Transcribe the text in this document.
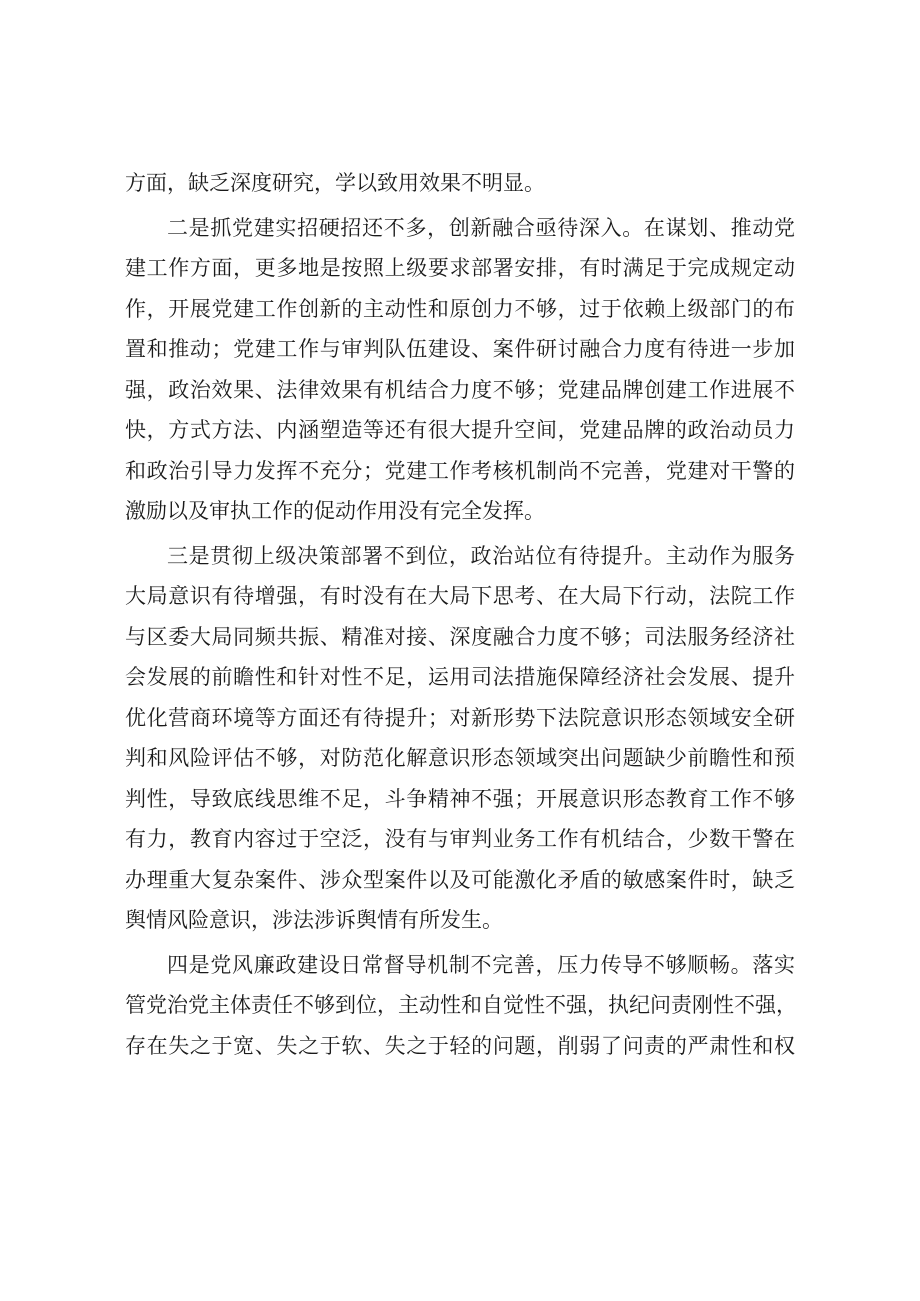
方面，缺乏深度研究，学以致用效果不明显。
二是抓党建实招硬招还不多，创新融合亟待深入。在谋划、推动党
建工作方面，更多地是按照上级要求部署安排，有时满足于完成规定动
作，开展党建工作创新的主动性和原创力不够，过于依赖上级部门的布
置和推动；党建工作与审判队伍建设、案件研讨融合力度有待进一步加
强，政治效果、法律效果有机结合力度不够；党建品牌创建工作进展不
快，方式方法、内涵塑造等还有很大提升空间，党建品牌的政治动员力
和政治引导力发挥不充分；党建工作考核机制尚不完善，党建对干警的
激励以及审执工作的促动作用没有完全发挥。
三是贯彻上级决策部署不到位，政治站位有待提升。主动作为服务
大局意识有待增强，有时没有在大局下思考、在大局下行动，法院工作
与区委大局同频共振、精准对接、深度融合力度不够；司法服务经济社
会发展的前瞻性和针对性不足，运用司法措施保障经济社会发展、提升
优化营商环境等方面还有待提升；对新形势下法院意识形态领域安全研
判和风险评估不够，对防范化解意识形态领域突出问题缺少前瞻性和预
判性，导致底线思维不足，斗争精神不强；开展意识形态教育工作不够
有力，教育内容过于空泛，没有与审判业务工作有机结合，少数干警在
办理重大复杂案件、涉众型案件以及可能激化矛盾的敏感案件时，缺乏
舆情风险意识，涉法涉诉舆情有所发生。
四是党风廉政建设日常督导机制不完善，压力传导不够顺畅。落实
管党治党主体责任不够到位，主动性和自觉性不强，执纪问责刚性不强，
存在失之于宽、失之于软、失之于轻的问题，削弱了问责的严肃性和权
